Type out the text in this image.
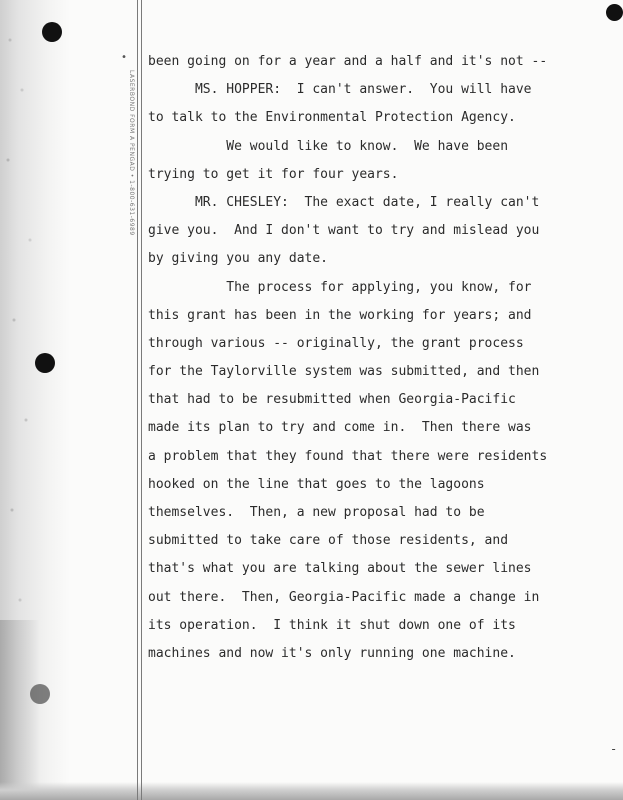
LASERBOND FORM A PENGAD • 1-800-631-6989
•
-
been going on for a year and a half and it's not --
MS. HOPPER:  I can't answer.  You will have
to talk to the Environmental Protection Agency.
We would like to know.  We have been
trying to get it for four years.
MR. CHESLEY:  The exact date, I really can't
give you.  And I don't want to try and mislead you
by giving you any date.
The process for applying, you know, for
this grant has been in the working for years; and
through various -- originally, the grant process
for the Taylorville system was submitted, and then
that had to be resubmitted when Georgia-Pacific
made its plan to try and come in.  Then there was
a problem that they found that there were residents
hooked on the line that goes to the lagoons
themselves.  Then, a new proposal had to be
submitted to take care of those residents, and
that's what you are talking about the sewer lines
out there.  Then, Georgia-Pacific made a change in
its operation.  I think it shut down one of its
machines and now it's only running one machine.
